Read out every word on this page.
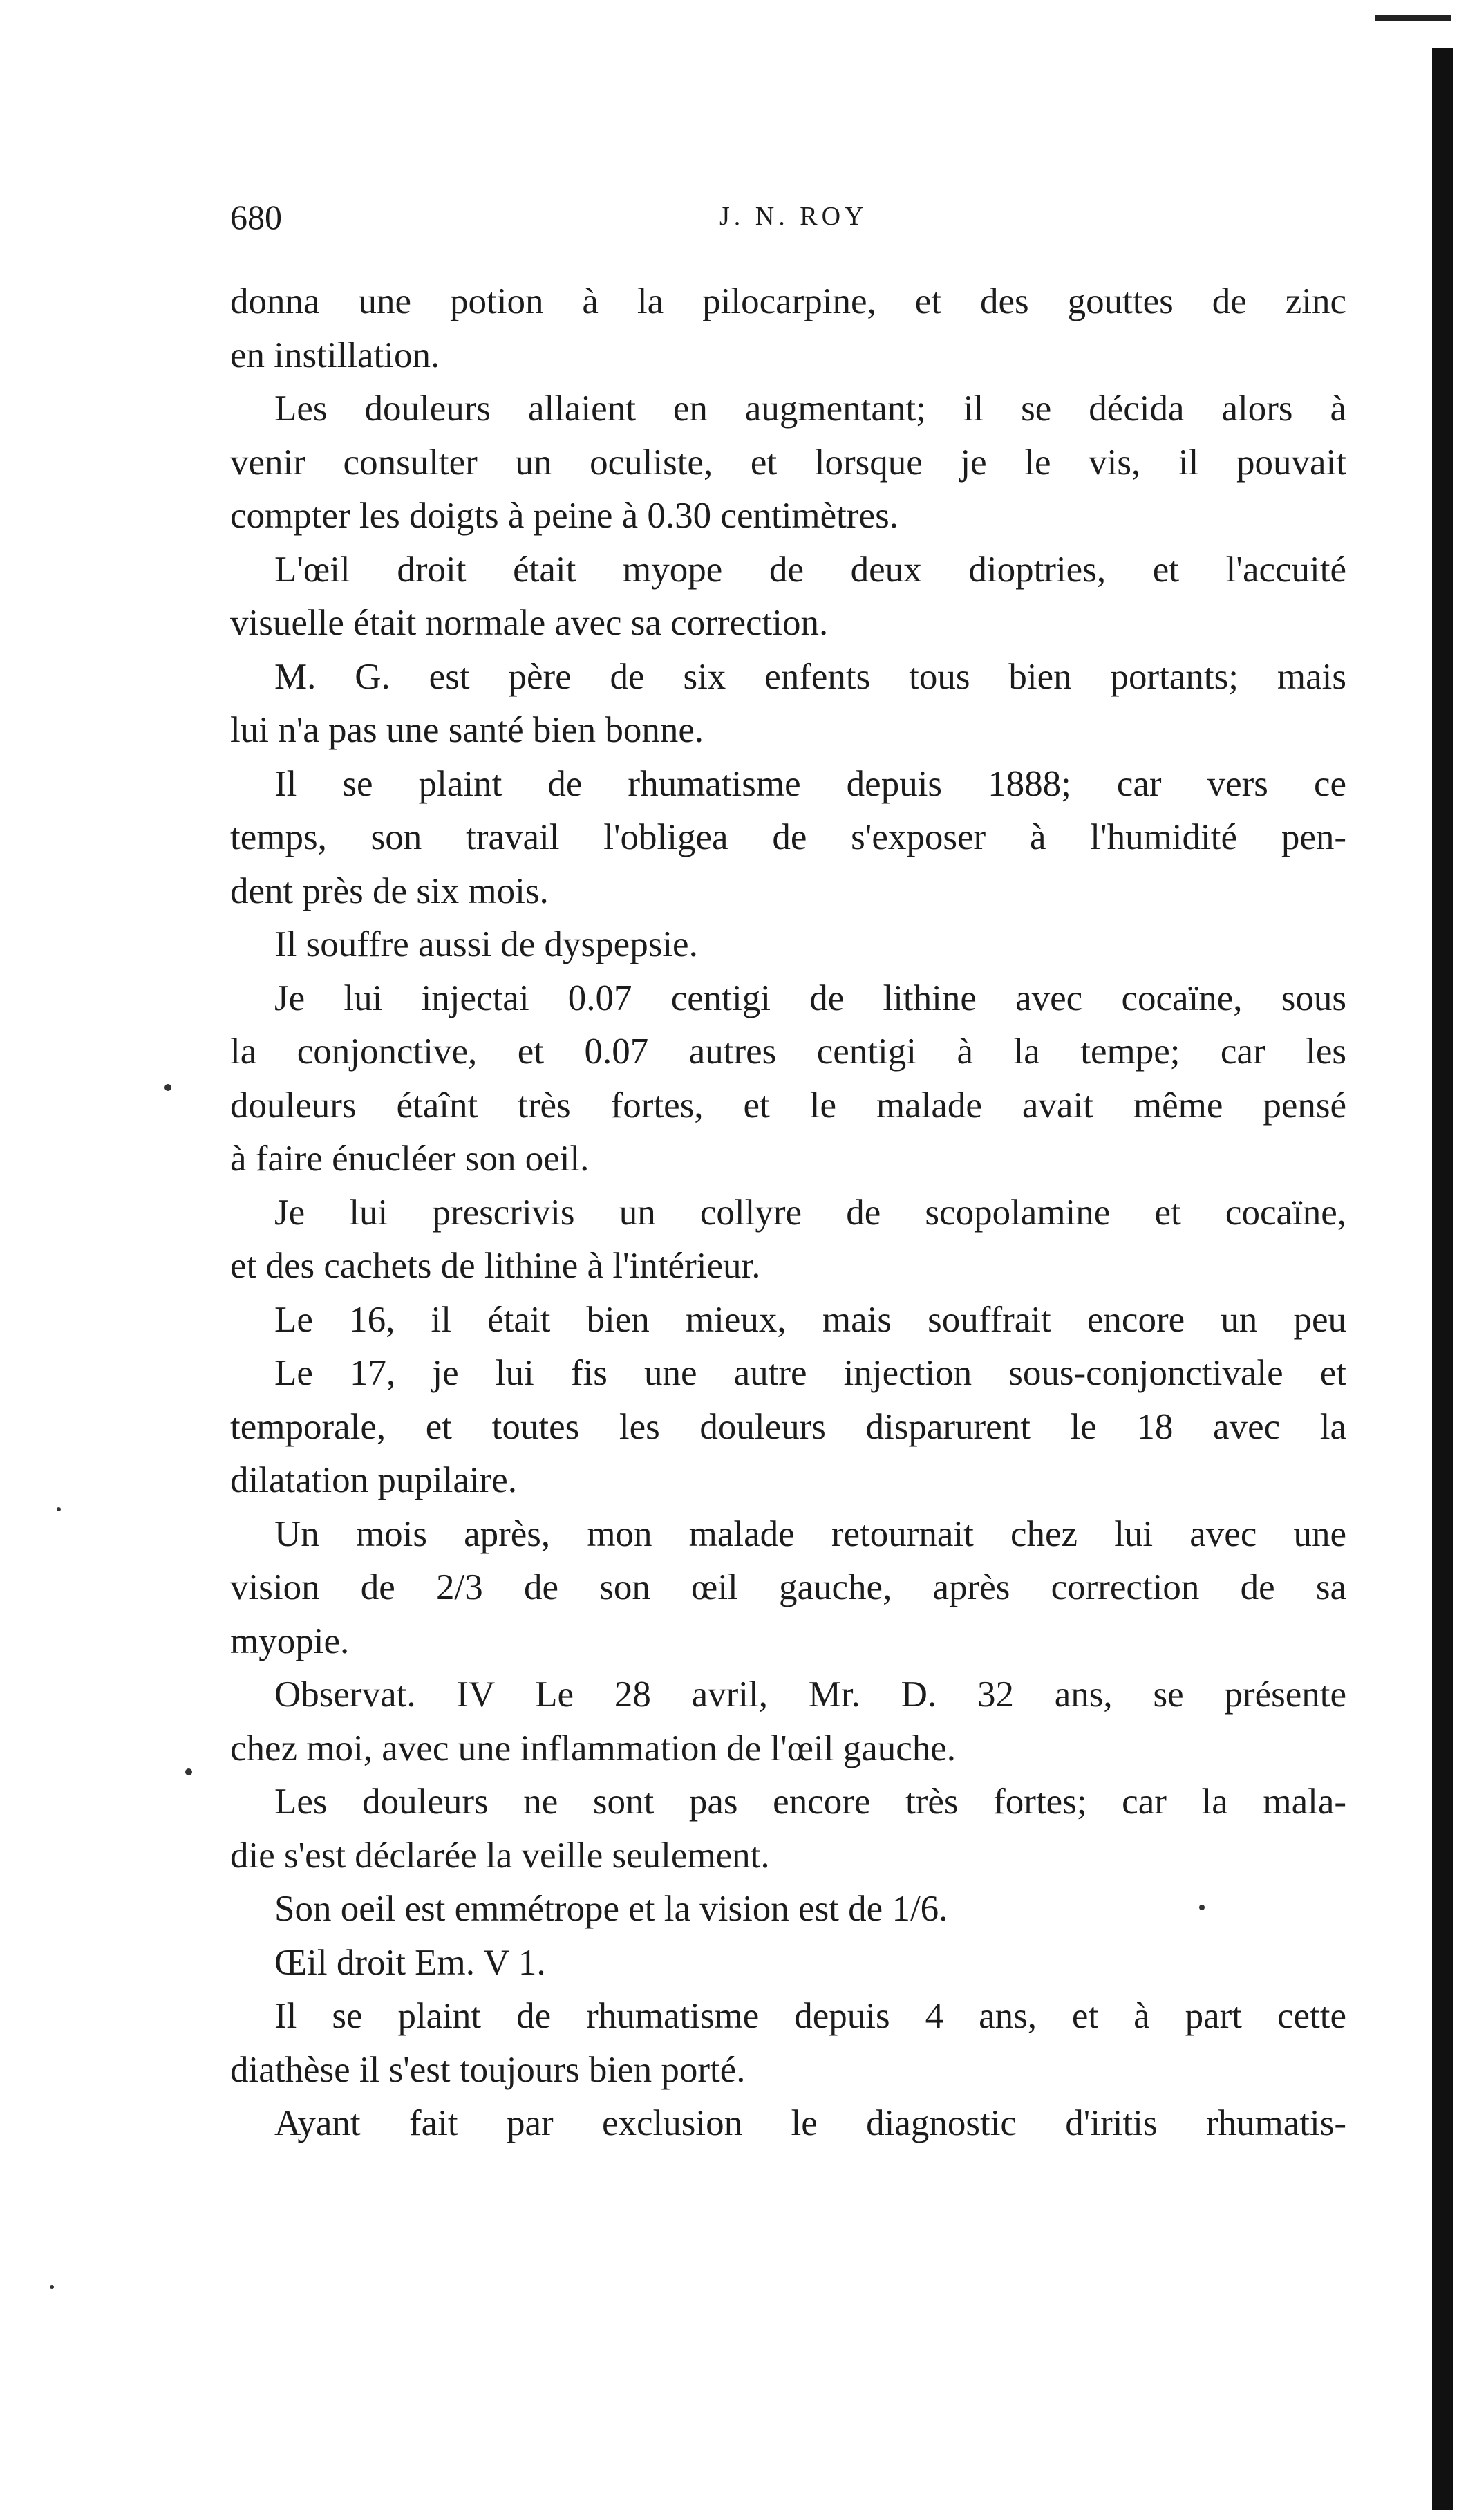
680	J. N. ROY
donna une potion à la pilocarpine, et des gouttes de zinc
en instillation.
Les douleurs allaient en augmentant; il se décida alors à
venir consulter un oculiste, et lorsque je le vis, il pouvait
compter les doigts à peine à 0.30 centimètres.
L'œil droit était myope de deux dioptries, et l'accuité
visuelle était normale avec sa correction.
M. G. est père de six enfents tous bien portants; mais
lui n'a pas une santé bien bonne.
Il se plaint de rhumatisme depuis 1888; car vers ce
temps, son travail l'obligea de s'exposer à l'humidité pen-
dent près de six mois.
Il souffre aussi de dyspepsie.
Je lui injectai 0.07 centigi de lithine avec cocaïne, sous
la conjonctive, et 0.07 autres centigi à la tempe; car les
douleurs étaînt très fortes, et le malade avait même pensé
à faire énucléer son oeil.
Je lui prescrivis un collyre de scopolamine et cocaïne,
et des cachets de lithine à l'intérieur.
Le 16, il était bien mieux, mais souffrait encore un peu
Le 17, je lui fis une autre injection sous-conjonctivale et
temporale, et toutes les douleurs disparurent le 18 avec la
dilatation pupilaire.
Un mois après, mon malade retournait chez lui avec une
vision de 2/3 de son œil gauche, après correction de sa
myopie.
Observat. IV Le 28 avril, Mr. D. 32 ans, se présente
chez moi, avec une inflammation de l'œil gauche.
Les douleurs ne sont pas encore très fortes; car la mala-
die s'est déclarée la veille seulement.
Son oeil est emmétrope et la vision est de 1/6.
Œil droit Em. V 1.
Il se plaint de rhumatisme depuis 4 ans, et à part cette
diathèse il s'est toujours bien porté.
Ayant fait par exclusion le diagnostic d'iritis rhumatis-
